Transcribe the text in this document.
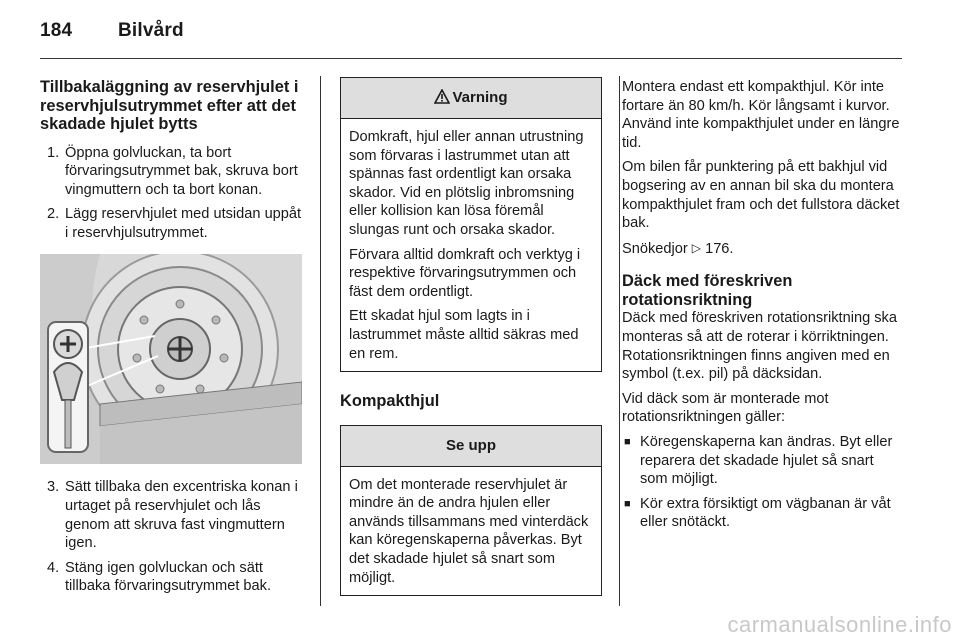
184 Bilvård
Tillbakaläggning av reservhjulet i reservhjulsutrymmet efter att det skadade hjulet bytts
1. Öppna golvluckan, ta bort förvaringsutrymmet bak, skruva bort vingmuttern och ta bort konan.
2. Lägg reservhjulet med utsidan uppåt i reservhjulsutrymmet.
3. Sätt tillbaka den excentriska konan i urtaget på reservhjulet och lås genom att skruva fast vingmuttern igen.
4. Stäng igen golvluckan och sätt tillbaka förvaringsutrymmet bak.
Varning

Domkraft, hjul eller annan utrustning som förvaras i lastrummet utan att spännas fast ordentligt kan orsaka skador. Vid en plötslig inbromsning eller kollision kan lösa föremål slungas runt och orsaka skador.

Förvara alltid domkraft och verktyg i respektive förvaringsutrymmen och fäst dem ordentligt.

Ett skadat hjul som lagts in i lastrummet måste alltid säkras med en rem.

Kompakthjul
Se upp

Om det monterade reservhjulet är mindre än de andra hjulen eller används tillsammans med vinterdäck kan köregenskaperna påverkas. Byt det skadade hjulet så snart som möjligt.

Montera endast ett kompakthjul. Kör inte fortare än 80 km/h. Kör långsamt i kurvor. Använd inte kompakthjulet under en längre tid.

Om bilen får punktering på ett bakhjul vid bogsering av en annan bil ska du montera kompakthjulet fram och det fullstora däcket bak.

Snökedjor ▷ 176.

Däck med föreskriven rotationsriktning

Däck med föreskriven rotationsriktning ska monteras så att de roterar i körriktningen. Rotationsriktningen finns angiven med en symbol (t.ex. pil) på däcksidan.

Vid däck som är monterade mot rotationsriktningen gäller:

■ Köregenskaperna kan ändras. Byt eller reparera det skadade hjulet så snart som möjligt.
■ Kör extra försiktigt om vägbanan är våt eller snötäckt.
carmanualsonline.info
